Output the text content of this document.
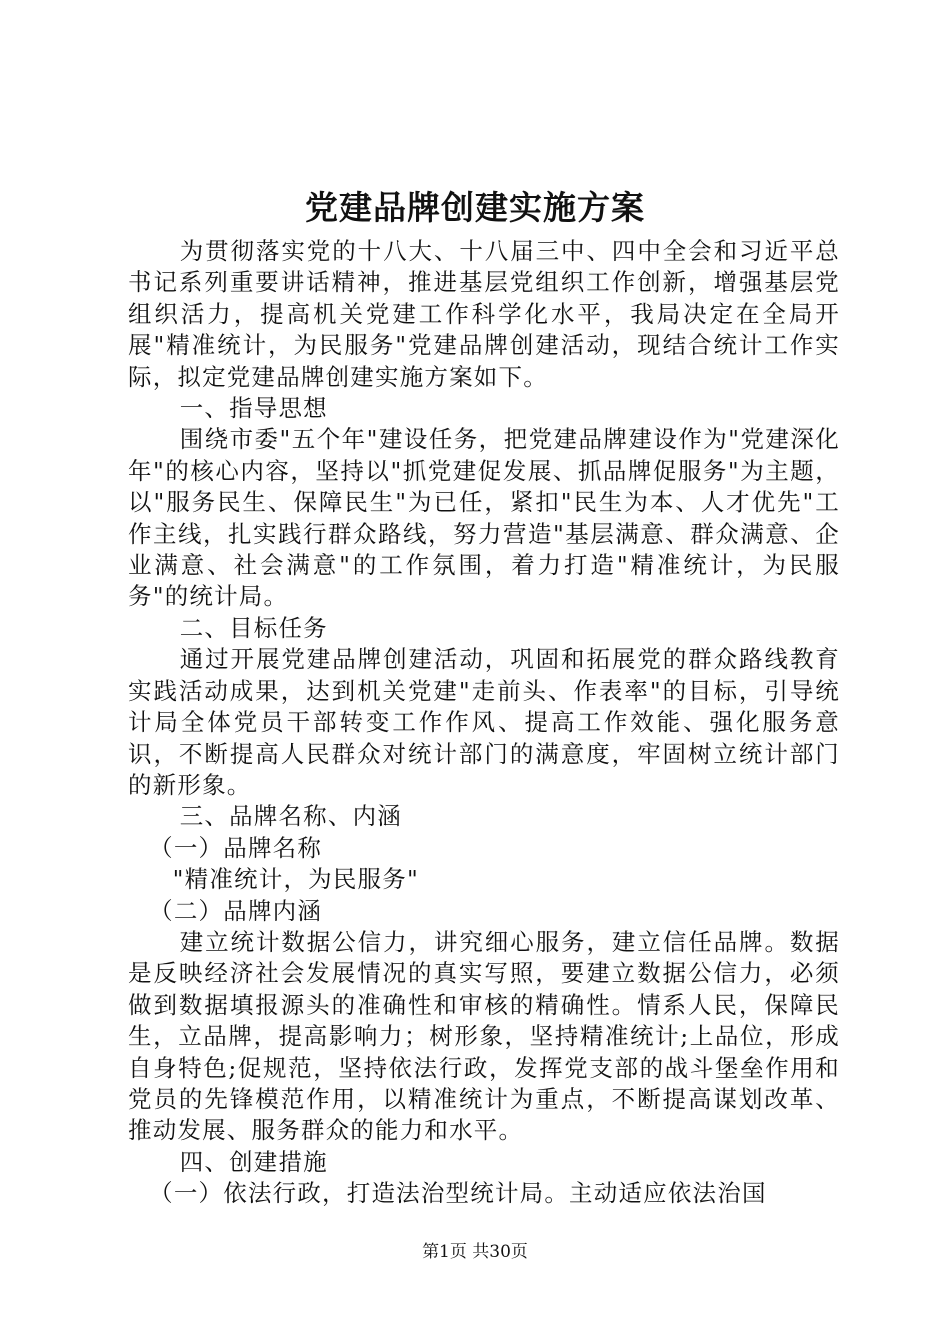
党建品牌创建实施方案

为贯彻落实党的十八大、十八届三中、四中全会和习近平总书记系列重要讲话精神，推进基层党组织工作创新，增强基层党组织活力，提高机关党建工作科学化水平，我局决定在全局开展"精准统计，为民服务"党建品牌创建活动，现结合统计工作实际，拟定党建品牌创建实施方案如下。

一、指导思想

围绕市委"五个年"建设任务，把党建品牌建设作为"党建深化年"的核心内容，坚持以"抓党建促发展、抓品牌促服务"为主题，以"服务民生、保障民生"为已任，紧扣"民生为本、人才优先"工作主线，扎实践行群众路线，努力营造"基层满意、群众满意、企业满意、社会满意"的工作氛围，着力打造"精准统计，为民服务"的统计局。

二、目标任务

通过开展党建品牌创建活动，巩固和拓展党的群众路线教育实践活动成果，达到机关党建"走前头、作表率"的目标，引导统计局全体党员干部转变工作作风、提高工作效能、强化服务意识，不断提高人民群众对统计部门的满意度，牢固树立统计部门的新形象。

三、品牌名称、内涵

（一）品牌名称

"精准统计，为民服务"

（二）品牌内涵

建立统计数据公信力，讲究细心服务，建立信任品牌。数据是反映经济社会发展情况的真实写照，要建立数据公信力，必须做到数据填报源头的准确性和审核的精确性。情系人民，保障民生，立品牌，提高影响力；树形象，坚持精准统计;上品位，形成自身特色;促规范，坚持依法行政，发挥党支部的战斗堡垒作用和党员的先锋模范作用，以精准统计为重点，不断提高谋划改革、推动发展、服务群众的能力和水平。

四、创建措施

（一）依法行政，打造法治型统计局。主动适应依法治国

第1页 共30页
